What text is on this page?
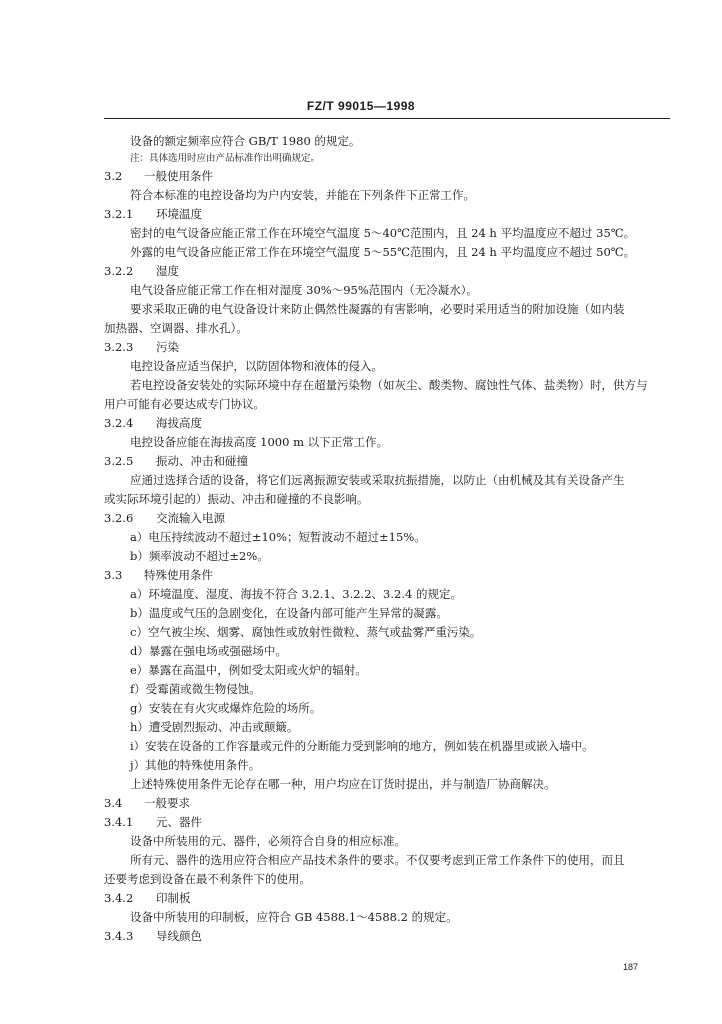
FZ/T 99015—1998
设备的额定频率应符合 GB/T 1980 的规定。
注：具体选用时应由产品标准作出明确规定。
3.2 一般使用条件
符合本标准的电控设备均为户内安装，并能在下列条件下正常工作。
3.2.1 环境温度
密封的电气设备应能正常工作在环境空气温度 5～40℃范围内，且 24 h 平均温度应不超过 35℃。
外露的电气设备应能正常工作在环境空气温度 5～55℃范围内，且 24 h 平均温度应不超过 50℃。
3.2.2 湿度
电气设备应能正常工作在相对湿度 30%～95%范围内（无冷凝水）。
要求采取正确的电气设备设计来防止偶然性凝露的有害影响，必要时采用适当的附加设施（如内装
加热器、空调器、排水孔）。
3.2.3 污染
电控设备应适当保护，以防固体物和液体的侵入。
若电控设备安装处的实际环境中存在超量污染物（如灰尘、酸类物、腐蚀性气体、盐类物）时，供方与
用户可能有必要达成专门协议。
3.2.4 海拔高度
电控设备应能在海拔高度 1000 m 以下正常工作。
3.2.5 振动、冲击和碰撞
应通过选择合适的设备，将它们远离振源安装或采取抗振措施，以防止（由机械及其有关设备产生
或实际环境引起的）振动、冲击和碰撞的不良影响。
3.2.6 交流输入电源
a）电压持续波动不超过±10%；短暂波动不超过±15%。
b）频率波动不超过±2%。
3.3 特殊使用条件
a）环境温度、湿度、海拔不符合 3.2.1、3.2.2、3.2.4 的规定。
b）温度或气压的急剧变化，在设备内部可能产生异常的凝露。
c）空气被尘埃、烟雾、腐蚀性或放射性微粒、蒸气或盐雾严重污染。
d）暴露在强电场或强磁场中。
e）暴露在高温中，例如受太阳或火炉的辐射。
f）受霉菌或微生物侵蚀。
g）安装在有火灾或爆炸危险的场所。
h）遭受剧烈振动、冲击或颠簸。
i）安装在设备的工作容量或元件的分断能力受到影响的地方，例如装在机器里或嵌入墙中。
j）其他的特殊使用条件。
上述特殊使用条件无论存在哪一种，用户均应在订货时提出，并与制造厂协商解决。
3.4 一般要求
3.4.1 元、器件
设备中所装用的元、器件，必须符合自身的相应标准。
所有元、器件的选用应符合相应产品技术条件的要求。不仅要考虑到正常工作条件下的使用，而且
还要考虑到设备在最不利条件下的使用。
3.4.2 印制板
设备中所装用的印制板，应符合 GB 4588.1～4588.2 的规定。
3.4.3 导线颜色
187
